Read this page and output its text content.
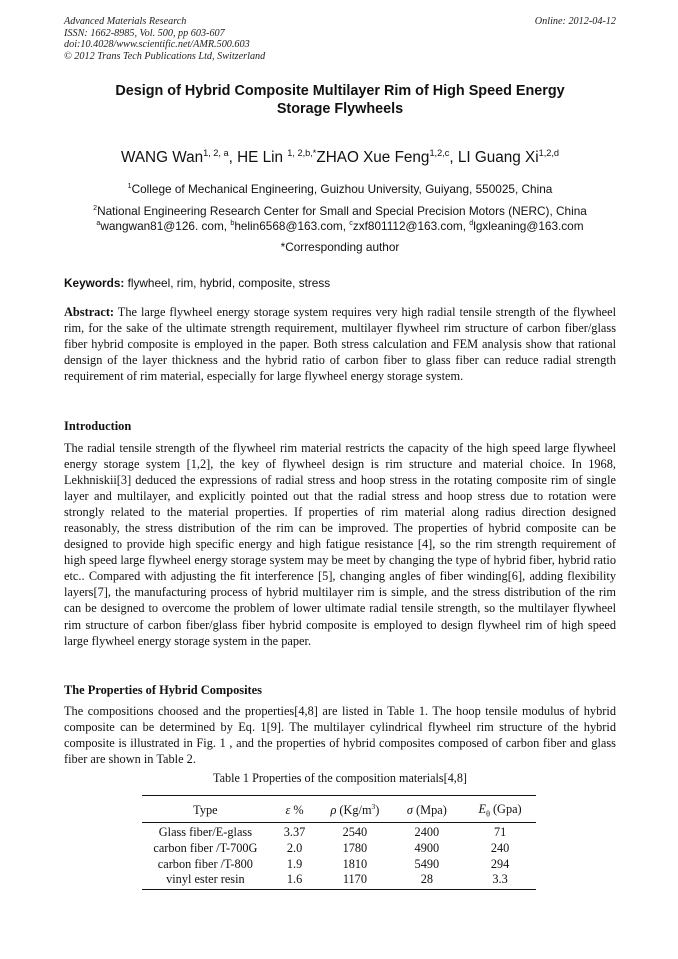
Advanced Materials Research
ISSN: 1662-8985, Vol. 500, pp 603-607
doi:10.4028/www.scientific.net/AMR.500.603
© 2012 Trans Tech Publications Ltd, Switzerland
Online: 2012-04-12
Design of Hybrid Composite Multilayer Rim of High Speed Energy
Storage Flywheels
WANG Wan$^{1, 2, a}$, HE Lin $^{1, 2,b,*}$ZHAO Xue Feng$^{1,2,c}$, LI Guang Xi$^{1,2,d}$
$^1$College of Mechanical Engineering, Guizhou University, Guiyang, 550025, China
$^2$National Engineering Research Center for Small and Special Precision Motors (NERC), China
$^a$wangwan81@126. com, $^b$helin6568@163.com, $^c$zxf801112@163.com, $^d$lgxleaning@163.com
*Corresponding author
Keywords: flywheel, rim, hybrid, composite, stress
Abstract: The large flywheel energy storage system requires very high radial tensile strength of the flywheel rim, for the sake of the ultimate strength requirement, multilayer flywheel rim structure of carbon fiber/glass fiber hybrid composite is employed in the paper. Both stress calculation and FEM analysis show that rational densign of the layer thickness and the hybrid ratio of carbon fiber to glass fiber can reduce radial strength requirement of rim material, especially for large flywheel energy storage system.
Introduction
The radial tensile strength of the flywheel rim material restricts the capacity of the high speed large flywheel energy storage system [1,2], the key of flywheel design is rim structure and material choice. In 1968, Lekhniskii[3] deduced the expressions of radial stress and hoop stress in the rotating composite rim of single layer and multilayer, and explicitly pointed out that the radial stress and hoop stress due to rotation were strongly related to the material properties. If properties of rim material along radius direction designed reasonably, the stress distribution of the rim can be improved. The properties of hybrid composite can be designed to provide high specific energy and high fatigue resistance [4], so the rim strength requirement of high speed large flywheel energy storage system may be meet by changing the type of hybrid fiber, hybrid ratio etc.. Compared with adjusting the fit interference [5], changing angles of fiber winding[6], adding flexibility layers[7], the manufacturing process of hybrid multilayer rim is simple, and the stress distribution of the rim can be designed to overcome the problem of lower ultimate radial tensile strength, so the multilayer flywheel rim structure of carbon fiber/glass fiber hybrid composite is employed to design flywheel rim of high speed large flywheel energy storage system in the paper.
The Properties of Hybrid Composites
The compositions choosed and the properties[4,8] are listed in Table 1. The hoop tensile modulus of hybrid composite can be determined by Eq. 1[9]. The multilayer cylindrical flywheel rim structure of the hybrid composite is illustrated in Fig. 1 , and the properties of hybrid composites composed of carbon fiber and glass fiber are shown in Table 2.
Table 1 Properties of the composition materials[4,8]
Type	ε %	ρ $(Kg/m^3)$	σ (Mpa)	$E_\theta$ (Gpa)
Glass fiber/E-glass	3.37	2540	2400	71
carbon fiber /T-700G	2.0	1780	4900	240
carbon fiber /T-800	1.9	1810	5490	294
vinyl ester resin	1.6	1170	28	3.3
